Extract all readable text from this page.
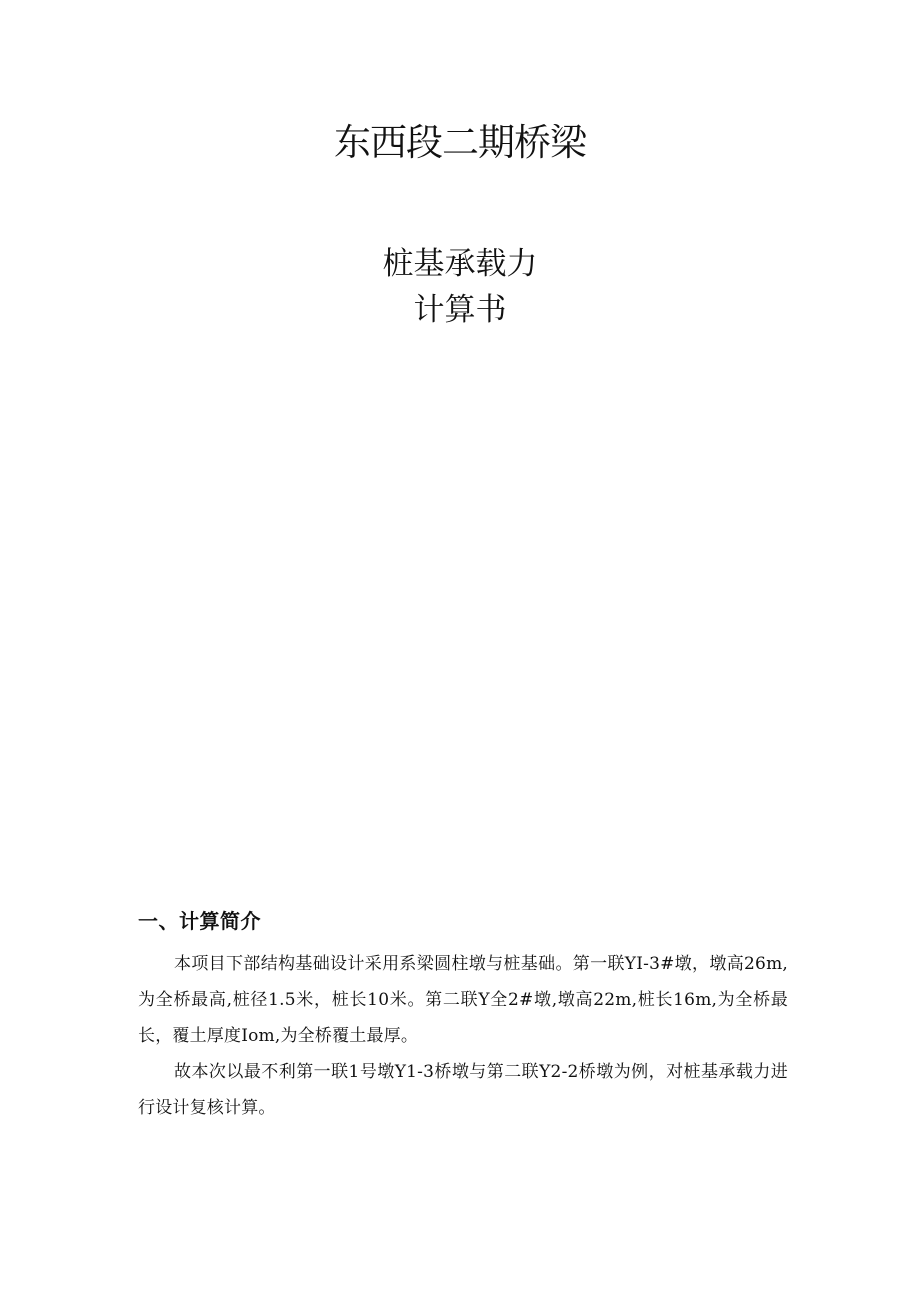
东西段二期桥梁
桩基承载力
计算书
一、计算简介

本项目下部结构基础设计采用系梁圆柱墩与桩基础。第一联YI-3#墩，墩高26m,为全桥最高,桩径1.5米，桩长10米。第二联Y全2#墩,墩高22m,桩长16m,为全桥最长，覆土厚度Iom,为全桥覆土最厚。

故本次以最不利第一联1号墩Y1-3桥墩与第二联Y2-2桥墩为例，对桩基承载力进行设计复核计算。
